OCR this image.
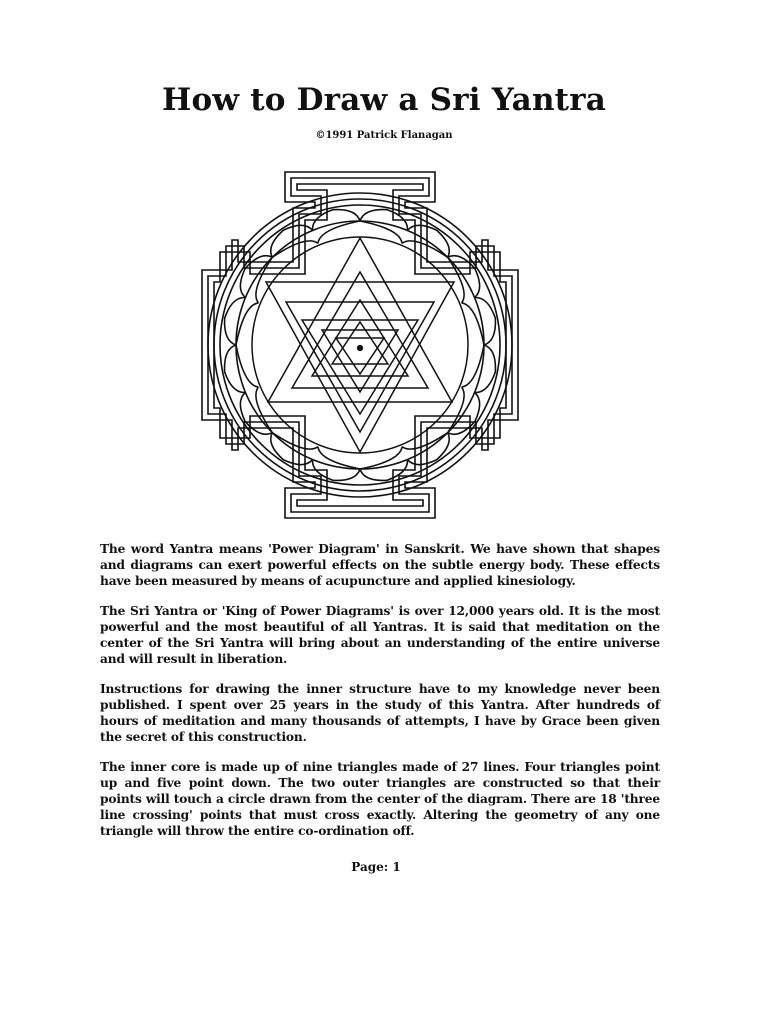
How to Draw a Sri Yantra

©1991 Patrick Flanagan

The word Yantra means 'Power Diagram' in Sanskrit. We have shown that shapes and diagrams can exert powerful effects on the subtle energy body. These effects have been measured by means of acupuncture and applied kinesiology.

The Sri Yantra or 'King of Power Diagrams' is over 12,000 years old. It is the most powerful and the most beautiful of all Yantras. It is said that meditation on the center of the Sri Yantra will bring about an understanding of the entire universe and will result in liberation.

Instructions for drawing the inner structure have to my knowledge never been published. I spent over 25 years in the study of this Yantra. After hundreds of hours of meditation and many thousands of attempts, I have by Grace been given the secret of this construction.

The inner core is made up of nine triangles made of 27 lines. Four triangles point up and five point down. The two outer triangles are constructed so that their points will touch a circle drawn from the center of the diagram. There are 18 'three line crossing' points that must cross exactly. Altering the geometry of any one triangle will throw the entire co-ordination off.

Page: 1
